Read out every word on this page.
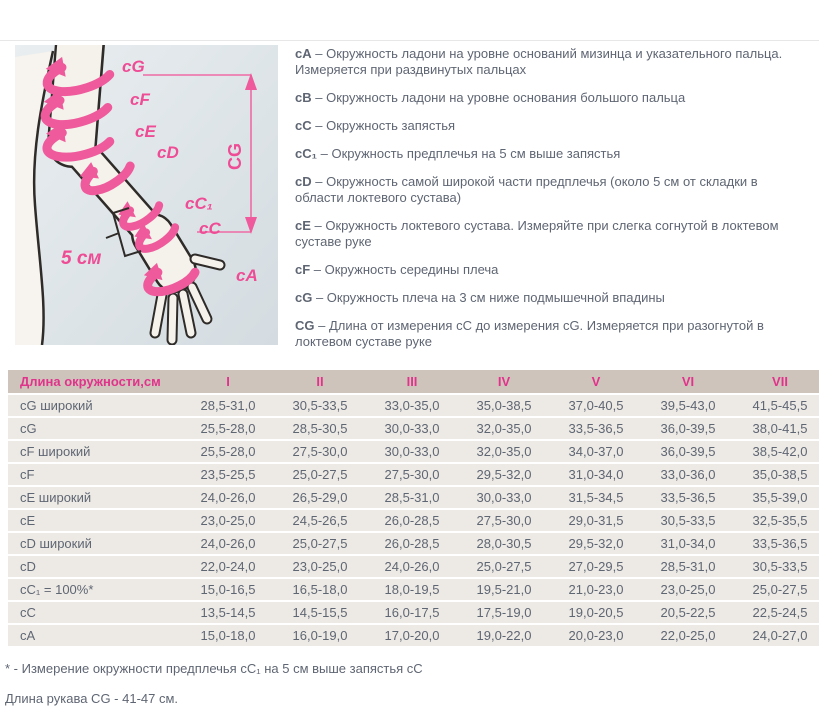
cG
cF
cE
cD
cC₁
cC
cA
5 см
CG

cA – Окружность ладони на уровне оснований мизинца и указательного пальца. Измеряется при раздвинутых пальцах

cB – Окружность ладони на уровне основания большого пальца

cC – Окружность запястья

cC₁ – Окружность предплечья на 5 см выше запястья

cD – Окружность самой широкой части предплечья (около 5 см от складки в области локтевого сустава)

cE – Окружность локтевого сустава. Измеряйте при слегка согнутой в локтевом суставе руке

cF – Окружность середины плеча

cG – Окружность плеча на 3 см ниже подмышечной впадины

CG – Длина от измерения cC до измерения cG. Измеряется при разогнутой в локтевом суставе руке

Длина окружности,см	I	II	III	IV	V	VI	VII
cG широкий	28,5-31,0	30,5-33,5	33,0-35,0	35,0-38,5	37,0-40,5	39,5-43,0	41,5-45,5
cG	25,5-28,0	28,5-30,5	30,0-33,0	32,0-35,0	33,5-36,5	36,0-39,5	38,0-41,5
cF широкий	25,5-28,0	27,5-30,0	30,0-33,0	32,0-35,0	34,0-37,0	36,0-39,5	38,5-42,0
cF	23,5-25,5	25,0-27,5	27,5-30,0	29,5-32,0	31,0-34,0	33,0-36,0	35,0-38,5
cE широкий	24,0-26,0	26,5-29,0	28,5-31,0	30,0-33,0	31,5-34,5	33,5-36,5	35,5-39,0
cE	23,0-25,0	24,5-26,5	26,0-28,5	27,5-30,0	29,0-31,5	30,5-33,5	32,5-35,5
cD широкий	24,0-26,0	25,0-27,5	26,0-28,5	28,0-30,5	29,5-32,0	31,0-34,0	33,5-36,5
cD	22,0-24,0	23,0-25,0	24,0-26,0	25,0-27,5	27,0-29,5	28,5-31,0	30,5-33,5
cC₁ = 100%*	15,0-16,5	16,5-18,0	18,0-19,5	19,5-21,0	21,0-23,0	23,0-25,0	25,0-27,5
cC	13,5-14,5	14,5-15,5	16,0-17,5	17,5-19,0	19,0-20,5	20,5-22,5	22,5-24,5
cA	15,0-18,0	16,0-19,0	17,0-20,0	19,0-22,0	20,0-23,0	22,0-25,0	24,0-27,0

* - Измерение окружности предплечья cC₁ на 5 см выше запястья cC

Длина рукава CG - 41-47 см.
